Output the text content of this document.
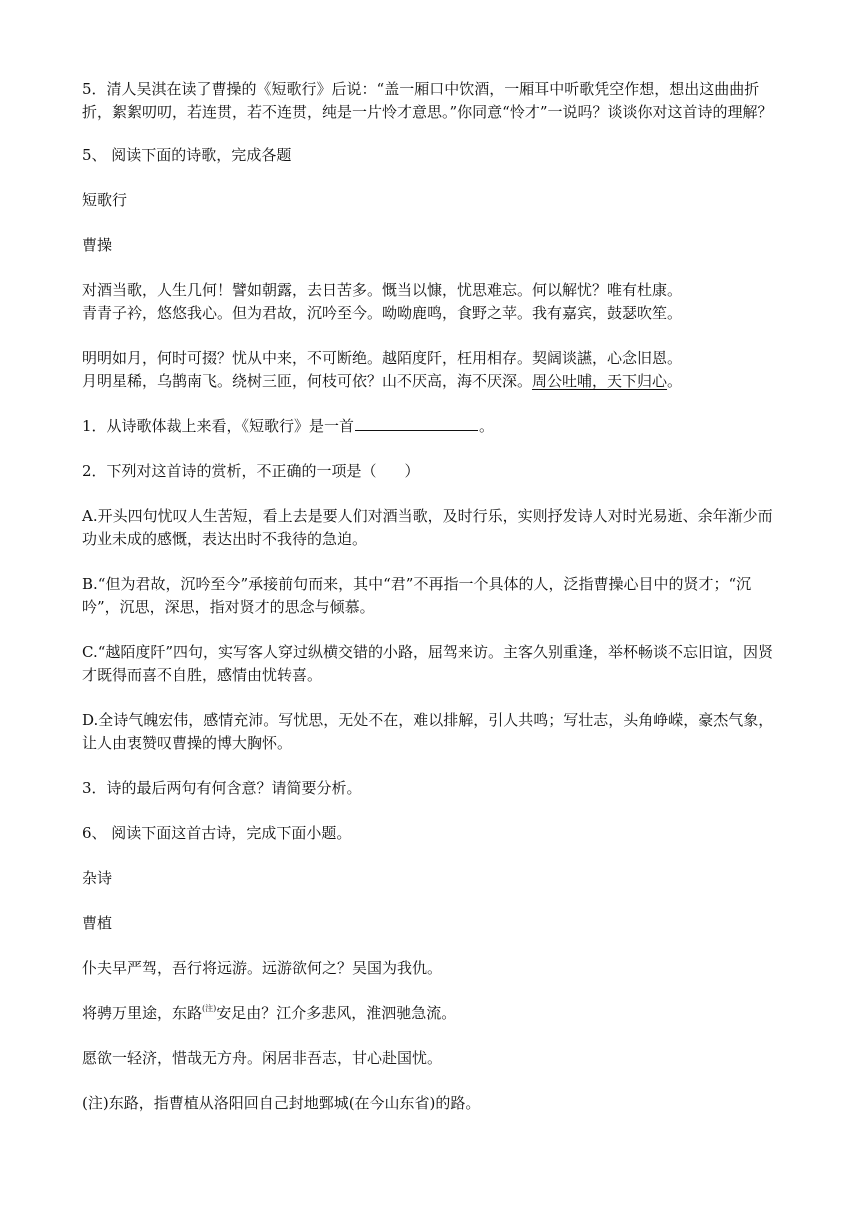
5．清人吴淇在读了曹操的《短歌行》后说：“盖一厢口中饮酒，一厢耳中听歌凭空作想，想出这曲曲折折，絮絮叨叨，若连贯，若不连贯，纯是一片怜才意思。”你同意“怜才”一说吗？谈谈你对这首诗的理解？

5、 阅读下面的诗歌，完成各题

短歌行

曹操

对酒当歌，人生几何！譬如朝露，去日苦多。慨当以慷，忧思难忘。何以解忧？唯有杜康。

青青子衿，悠悠我心。但为君故，沉吟至今。呦呦鹿鸣，食野之苹。我有嘉宾，鼓瑟吹笙。

明明如月，何时可掇？忧从中来，不可断绝。越陌度阡，枉用相存。契阔谈讌，心念旧恩。

月明星稀，乌鹊南飞。绕树三匝，何枝可依？山不厌高，海不厌深。周公吐哺，天下归心。

1．从诗歌体裁上来看，《短歌行》是一首	。

2．下列对这首诗的赏析，不正确的一项是（ ）

A.开头四句忧叹人生苦短，看上去是要人们对酒当歌，及时行乐，实则抒发诗人对时光易逝、余年渐少而功业未成的感慨，表达出时不我待的急迫。

B.“但为君故，沉吟至今”承接前句而来，其中“君”不再指一个具体的人，泛指曹操心目中的贤才；“沉吟”，沉思，深思，指对贤才的思念与倾慕。

C.“越陌度阡”四句，实写客人穿过纵横交错的小路，屈驾来访。主客久别重逢，举杯畅谈不忘旧谊，因贤才既得而喜不自胜，感情由忧转喜。

D.全诗气魄宏伟，感情充沛。写忧思，无处不在，难以排解，引人共鸣；写壮志，头角峥嵘，豪杰气象，让人由衷赞叹曹操的博大胸怀。

3．诗的最后两句有何含意？请简要分析。

6、 阅读下面这首古诗，完成下面小题。

杂诗

曹植

仆夫早严驾，吾行将远游。远游欲何之？吴国为我仇。

将骋万里途，东路$^{(注)}$安足由？江介多悲风，淮泗驰急流。

愿欲一轻济，惜哉无方舟。闲居非吾志，甘心赴国忧。

(注)东路，指曹植从洛阳回自己封地鄄城(在今山东省)的路。
